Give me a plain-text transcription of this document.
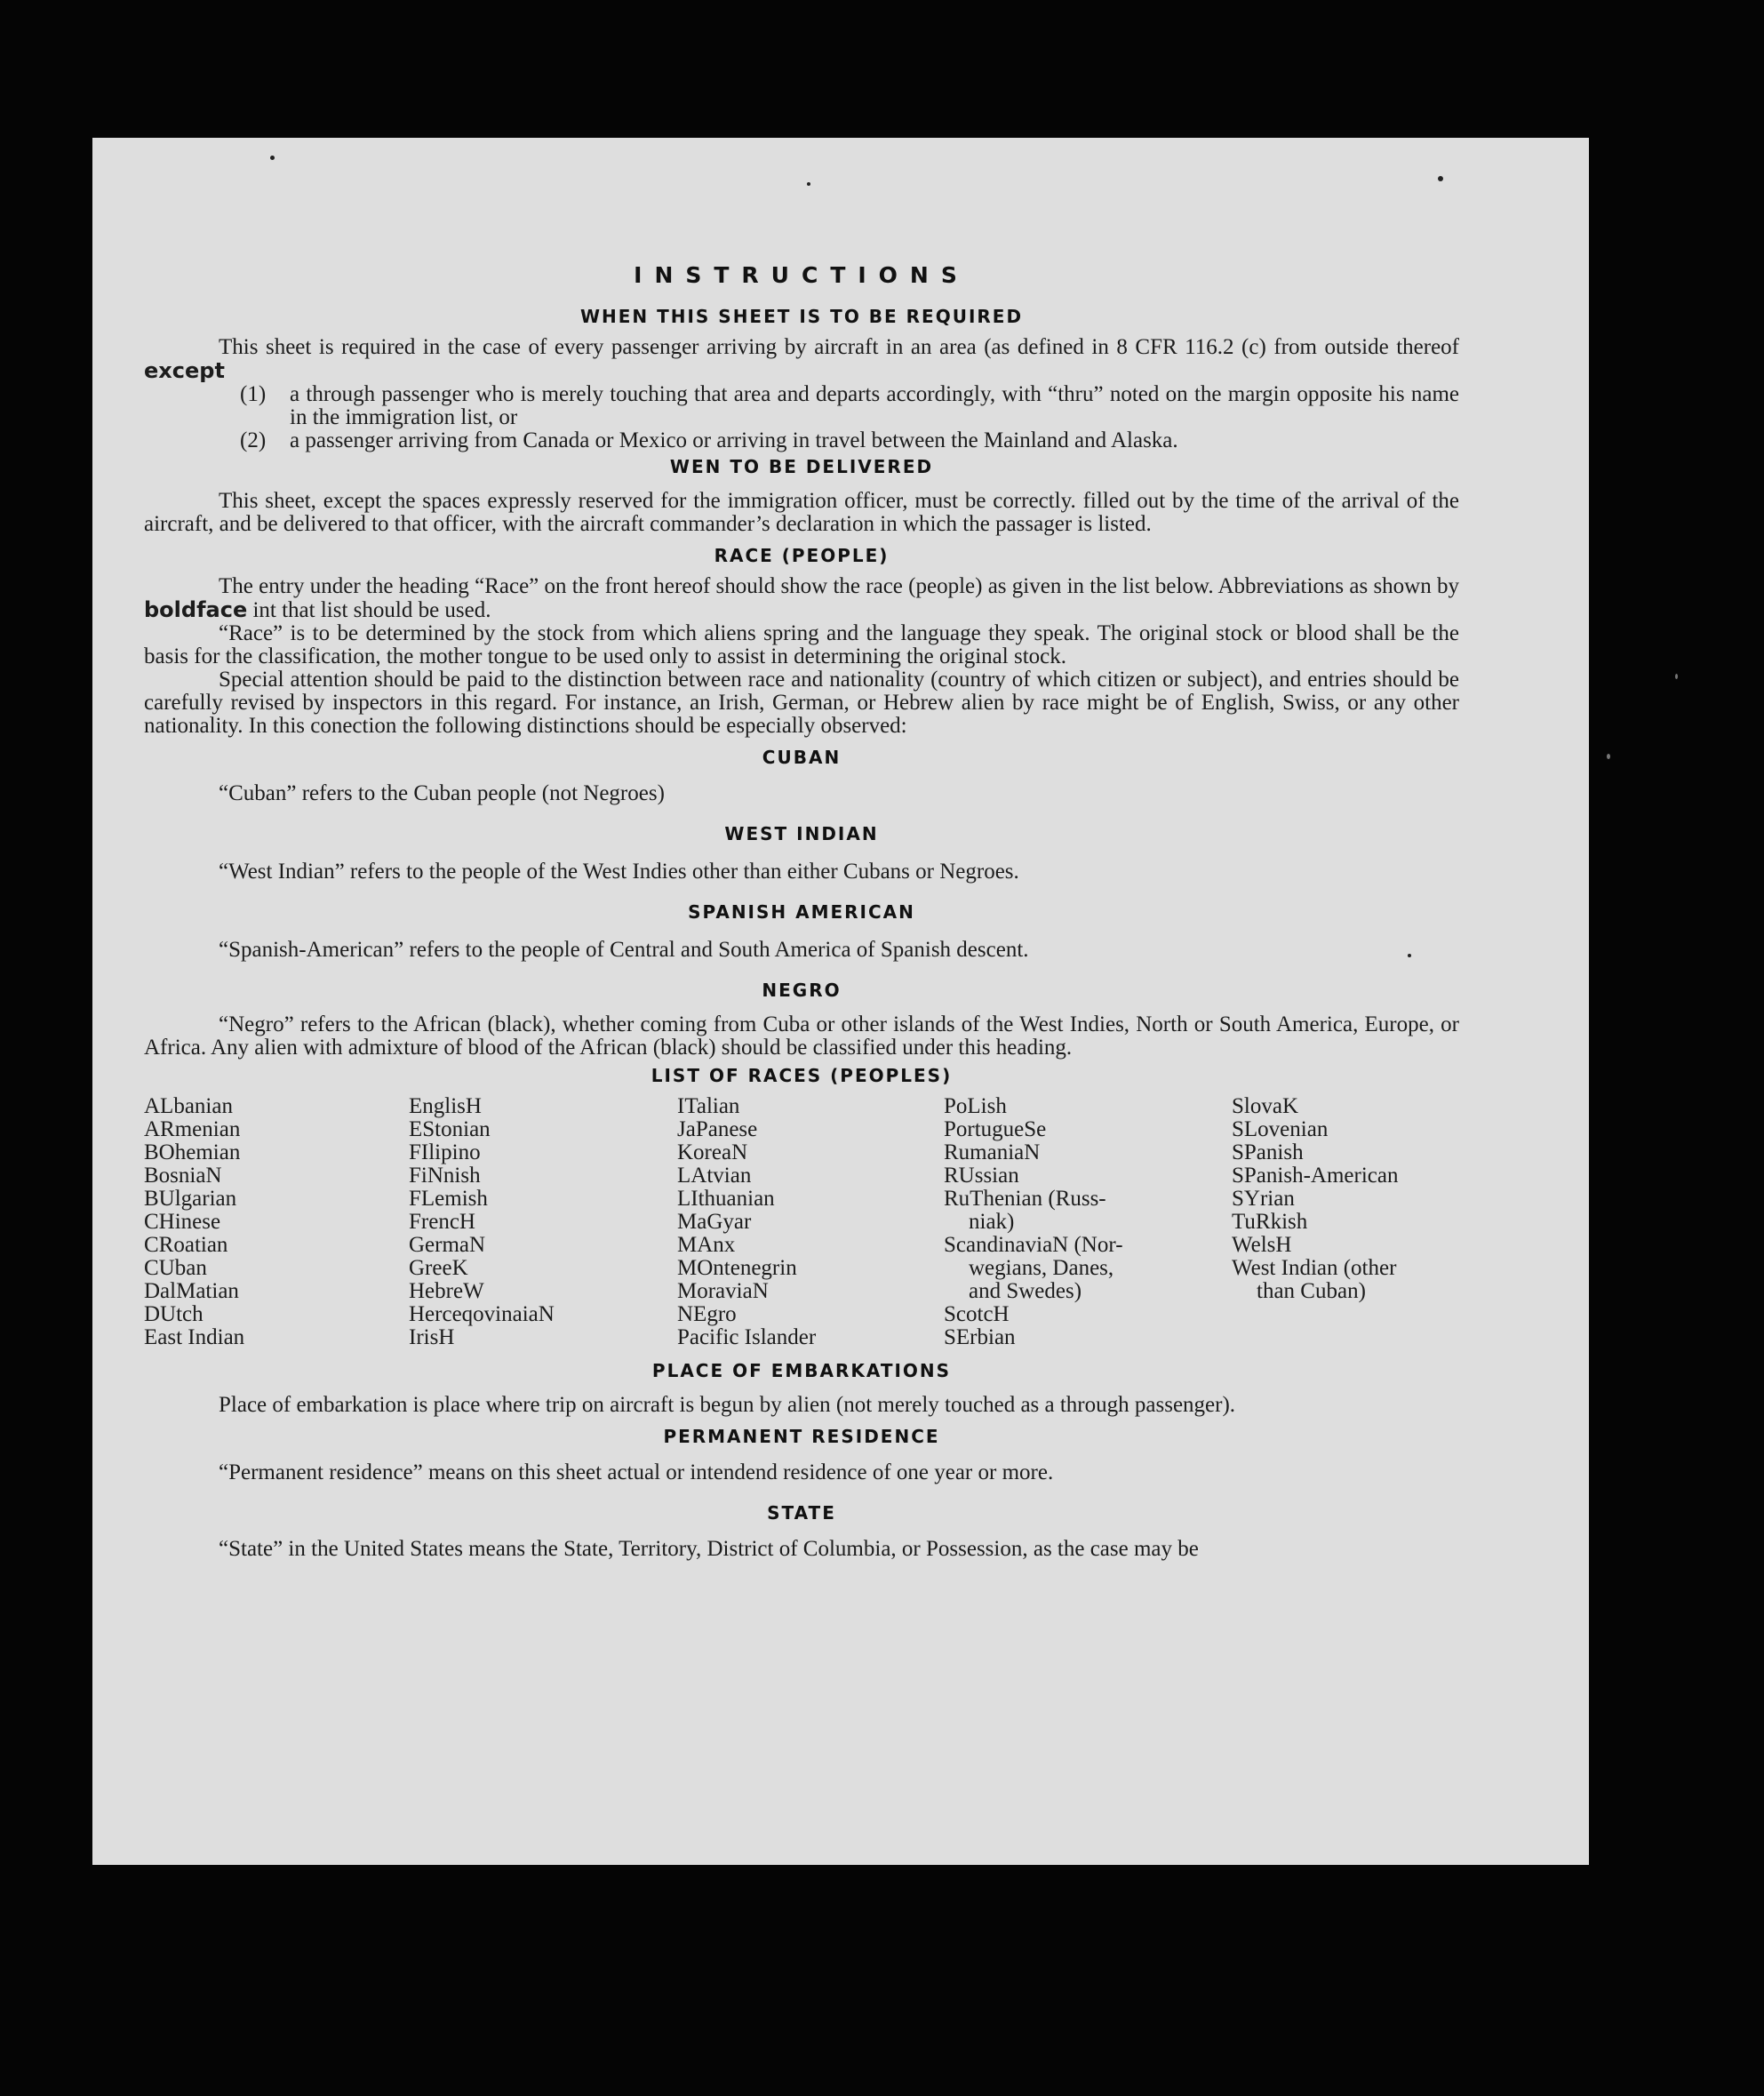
INSTRUCTIONS
WHEN THIS SHEET IS TO BE REQUIRED

This sheet is required in the case of every passenger arriving by aircraft in an area (as defined in 8 CFR 116.2 (c) from outside thereof except

(1)	a through passenger who is merely touching that area and departs accordingly, with “thru” noted on the margin opposite his name in the immigration list, or
(2)	a passenger arriving from Canada or Mexico or arriving in travel between the Mainland and Alaska.
WEN TO BE DELIVERED

This sheet, except the spaces expressly reserved for the immigration officer, must be correctly. filled out by the time of the arrival of the aircraft, and be delivered to that officer, with the aircraft commander’s declaration in which the passager is listed.

RACE (PEOPLE)

The entry under the heading “Race” on the front hereof should show the race (people) as given in the list below. Abbreviations as shown by boldface int that list should be used.

“Race” is to be determined by the stock from which aliens spring and the language they speak. The original stock or blood shall be the basis for the classification, the mother tongue to be used only to assist in determining the original stock.

Special attention should be paid to the distinction between race and nationality (country of which citizen or subject), and entries should be carefully revised by inspectors in this regard. For instance, an Irish, German, or Hebrew alien by race might be of English, Swiss, or any other nationality. In this conection the following distinctions should be especially observed:

CUBAN

“Cuban” refers to the Cuban people (not Negroes)

WEST INDIAN

“West Indian” refers to the people of the West Indies other than either Cubans or Negroes.

SPANISH AMERICAN

“Spanish-American” refers to the people of Central and South America of Spanish descent.

NEGRO

“Negro” refers to the African (black), whether coming from Cuba or other islands of the West Indies, North or South America, Europe, or Africa. Any alien with admixture of blood of the African (black) should be classified under this heading.

LIST OF RACES (PEOPLES)
ALbanian
ARmenian
BOhemian
BosniaN
BUlgarian
CHinese
CRoatian
CUban
DalMatian
DUtch
East Indian
EnglisH
EStonian
FIlipino
FiNnish
FLemish
FrencH
GermaN
GreeK
HebreW
HerceqovinaiaN
IrisH
ITalian
JaPanese
KoreaN
LAtvian
LIthuanian
MaGyar
MAnx
MOntenegrin
MoraviaN
NEgro
Pacific Islander
PoLish
PortugueSe
RumaniaN
RUssian
RuThenian (Russ-
niak)
ScandinaviaN (Nor-
wegians, Danes,
and Swedes)
ScotcH
SErbian
SlovaK
SLovenian
SPanish
SPanish-American
SYrian
TuRkish
WelsH
West Indian (other
than Cuban)
PLACE OF EMBARKATIONS

Place of embarkation is place where trip on aircraft is begun by alien (not merely touched as a through passenger).

PERMANENT RESIDENCE

“Permanent residence” means on this sheet actual or intendend residence of one year or more.

STATE

“State” in the United States means the State, Territory, District of Columbia, or Possession, as the case may be
